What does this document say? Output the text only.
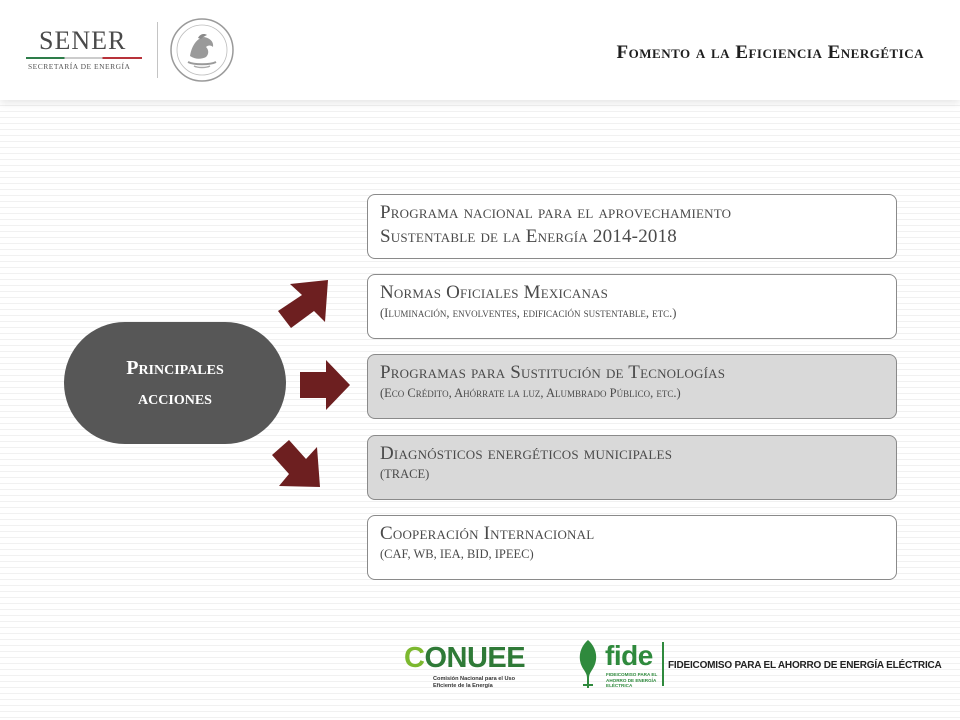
SENER
SECRETARÍA DE ENERGÍA
Fomento a la Eficiencia Energética
Principales
acciones
Programa nacional para el aprovechamiento
Sustentable de la Energía 2014-2018
Normas Oficiales Mexicanas
(Iluminación, envolventes, edificación sustentable, etc.)
Programas para Sustitución de Tecnologías
(Eco Crédito, Ahórrate la luz, Alumbrado Público, etc.)
Diagnósticos energéticos municipales
(TRACE)
Cooperación Internacional
(CAF, WB, IEA, BID, IPEEC)
CONUEE
Comisión Nacional para el Uso Eficiente de la Energía
fide
FIDEICOMISO PARA EL AHORRO DE ENERGÍA ELÉCTRICA
FIDEICOMISO PARA EL AHORRO DE ENERGÍA ELÉCTRICA
